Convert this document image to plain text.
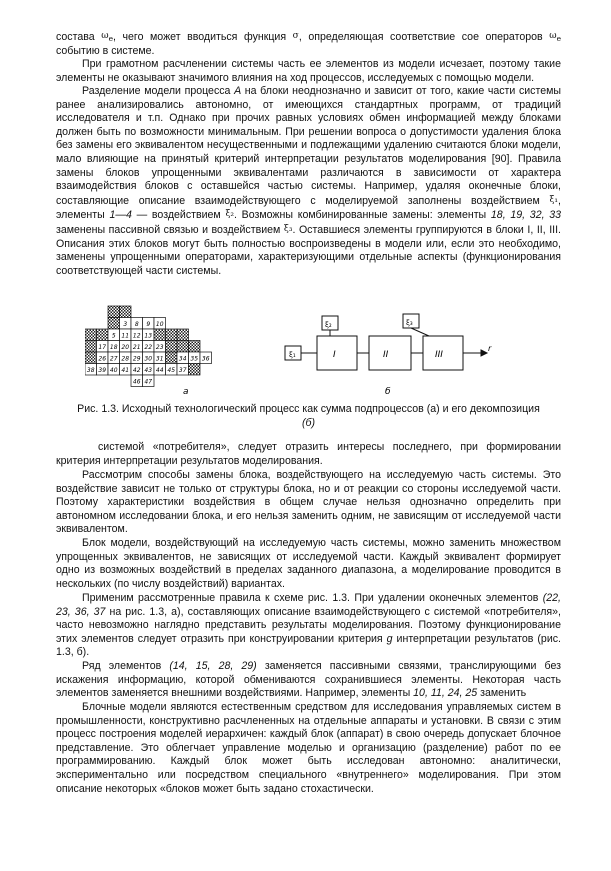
состава $\omega_e$, чего может вводиться функция σ, определяющая соответствие сое операторов $\omega_e$ событию в системе.

При грамотном расчленении системы часть ее элементов из модели исчезает, поэтому такие элементы не оказывают значимого влияния на ход процессов, исследуемых с помощью модели.

Разделение модели процесса А на блоки неоднозначно и зависит от того, какие части системы ранее анализировались автономно, от имеющихся стандартных программ, от традиций исследователя и т.п. Однако при прочих равных условиях обмен информацией между блоками должен быть по возможности минимальным. При решении вопроса о допустимости удаления блока без замены его эквивалентом несущественными и подлежащими удалению считаются блоки модели, мало влияющие на принятый критерий интерпретации результатов моделирования [90]. Правила замены блоков упрощенными эквивалентами различаются в зависимости от характера взаимодействия блоков с оставшейся частью системы. Например, удаляя оконечные блоки, составляющие описание взаимодействующего с моделируемой заполнены воздействием ξ₁, элементы 1—4 — воздействием ξ₂. Возможны комбинированные замены: элементы 18, 19, 32, 33 заменены пассивной связью и воздействием ξ₃. Оставшиеся элементы группируются в блоки I, II, III. Описания этих блоков могут быть полностью воспроизведены в модели или, если это необходимо, заменены упрощенными операторами, характеризующими отдельные аспекты (функционирования соответствующей части системы.

3 8 9 10
5 11 12 13
17 18 20 21 22 23
26 27 28 29 30 31	34 35 36
38 39 40 41 42 43 44 45 37
46 47
а
ξ₁
ξ₂	ξ₃
I	II	III
r
б

Рис. 1.3. Исходный технологический процесс как сумма подпроцессов (а) и его декомпозиция
(б)

системой «потребителя», следует отразить интересы последнего, при формировании критерия интерпретации результатов моделирования.

Рассмотрим способы замены блока, воздействующего на исследуемую часть системы. Это воздействие зависит не только от структуры блока, но и от реакции со стороны исследуемой части. Поэтому характеристики воздействия в общем случае нельзя однозначно определить при автономном исследовании блока, и его нельзя заменить одним, не зависящим от исследуемой части эквивалентом.

Блок модели, воздействующий на исследуемую часть системы, можно заменить множеством упрощенных эквивалентов, не зависящих от исследуемой части. Каждый эквивалент формирует одно из возможных воздействий в пределах заданного диапазона, а моделирование проводится в нескольких (по числу воздействий) вариантах.

Применим рассмотренные правила к схеме рис. 1.3. При удалении оконечных элементов (22, 23, 36, 37 на рис. 1.3, а), составляющих описание взаимодействующего с системой «потребителя», часто невозможно наглядно представить результаты моделирования. Поэтому функционирование этих элементов следует отразить при конструировании критерия g интерпретации результатов (рис. 1.3, б).

Ряд элементов (14, 15, 28, 29) заменяется пассивными связями, транслирующими без искажения информацию, которой обмениваются сохранившиеся элементы. Некоторая часть элементов заменяется внешними воздействиями. Например, элементы 10, 11, 24, 25 заменить

Блочные модели являются естественным средством для исследования управляемых систем в промышленности, конструктивно расчлененных на отдельные аппараты и установки. В связи с этим процесс построения моделей иерархичен: каждый блок (аппарат) в свою очередь допускает блочное представление. Это облегчает управление моделью и организацию (разделение) работ по ее программированию. Каждый блок может быть исследован автономно: аналитически, экспериментально или посредством специального «внутреннего» моделирования. При этом описание некоторых «блоков может быть задано стохастически.
